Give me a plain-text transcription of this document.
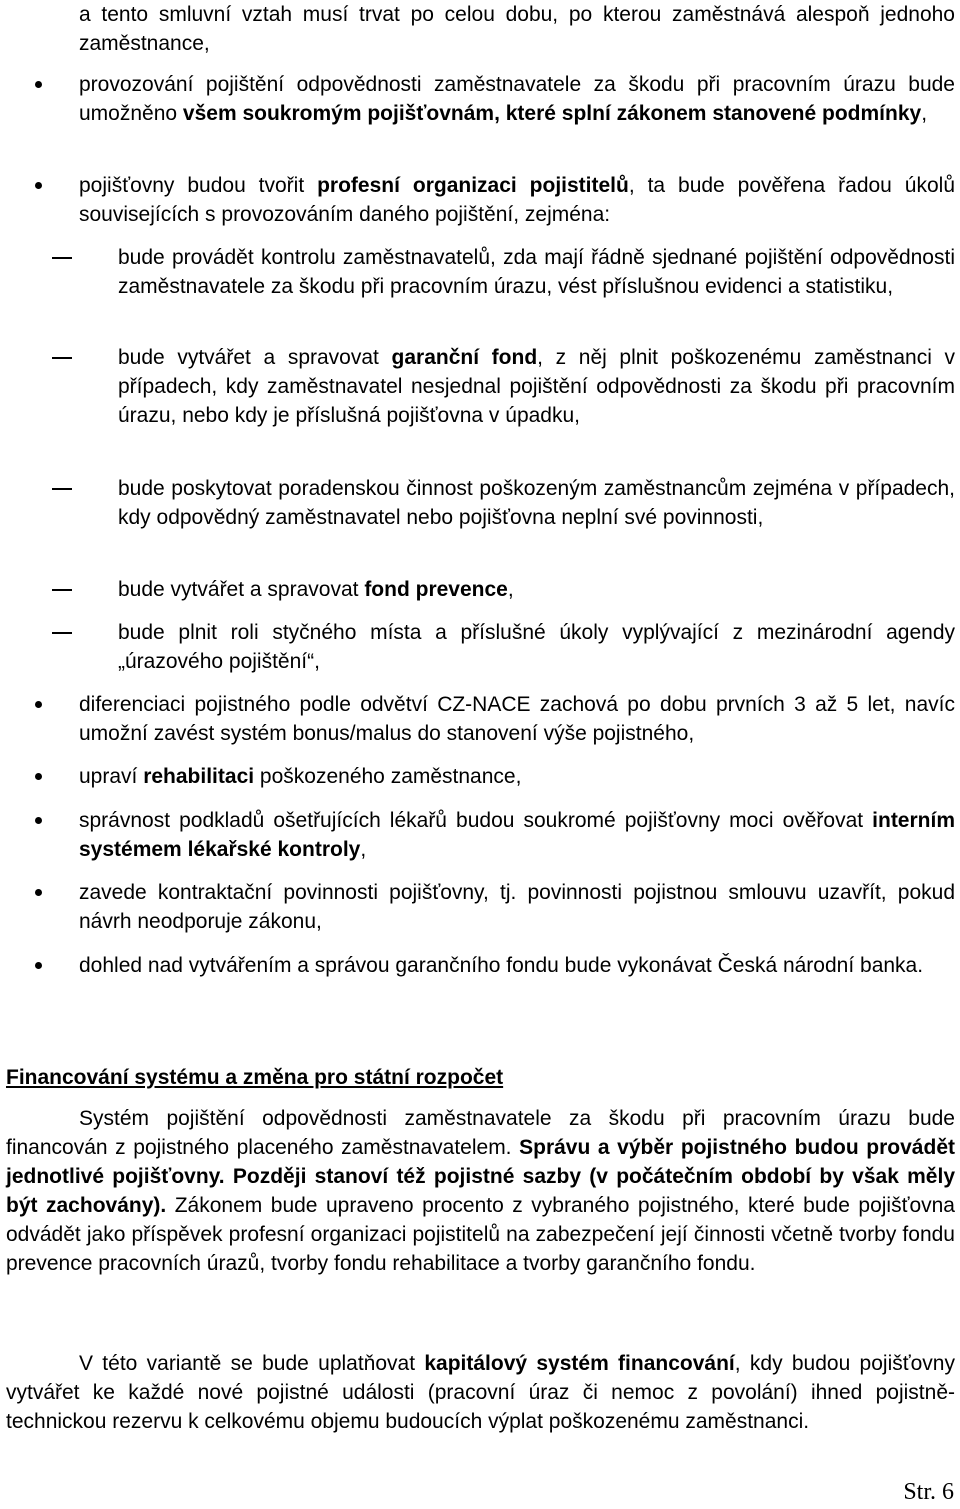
a tento smluvní vztah musí trvat po celou dobu, po kterou zaměstnává alespoň jednoho zaměstnance,
provozování pojištění odpovědnosti zaměstnavatele za škodu při pracovním úrazu bude umožněno všem soukromým pojišťovnám, které splní zákonem stanovené podmínky,
pojišťovny budou tvořit profesní organizaci pojistitelů, ta bude pověřena řadou úkolů souvisejících s provozováním daného pojištění, zejména:
bude provádět kontrolu zaměstnavatelů, zda mají řádně sjednané pojištění odpovědnosti zaměstnavatele za škodu při pracovním úrazu, vést příslušnou evidenci a statistiku,
bude vytvářet a spravovat garanční fond, z něj plnit poškozenému zaměstnanci v případech, kdy zaměstnavatel nesjednal pojištění odpovědnosti za škodu při pracovním úrazu, nebo kdy je příslušná pojišťovna v úpadku,
bude poskytovat poradenskou činnost poškozeným zaměstnancům zejména v případech, kdy odpovědný zaměstnavatel nebo pojišťovna neplní své povinnosti,
bude vytvářet a spravovat fond prevence,
bude plnit roli styčného místa a příslušné úkoly vyplývající z mezinárodní agendy „úrazového pojištění“,
diferenciaci pojistného podle odvětví CZ-NACE zachová po dobu prvních 3 až 5 let, navíc umožní zavést systém bonus/malus do stanovení výše pojistného,
upraví rehabilitaci poškozeného zaměstnance,
správnost podkladů ošetřujících lékařů budou soukromé pojišťovny moci ověřovat interním systémem lékařské kontroly,
zavede kontraktační povinnosti pojišťovny, tj. povinnosti pojistnou smlouvu uzavřít, pokud návrh neodporuje zákonu,
dohled nad vytvářením a správou garančního fondu bude vykonávat Česká národní banka.
Financování systému a změna pro státní rozpočet
Systém pojištění odpovědnosti zaměstnavatele za škodu při pracovním úrazu bude financován z pojistného placeného zaměstnavatelem. Správu a výběr pojistného budou provádět jednotlivé pojišťovny. Později stanoví též pojistné sazby (v počátečním období by však měly být zachovány). Zákonem bude upraveno procento z vybraného pojistného, které bude pojišťovna odvádět jako příspěvek profesní organizaci pojistitelů na zabezpečení její činnosti včetně tvorby fondu prevence pracovních úrazů, tvorby fondu rehabilitace a tvorby garančního fondu.
V této variantě se bude uplatňovat kapitálový systém financování, kdy budou pojišťovny vytvářet ke každé nové pojistné události (pracovní úraz či nemoc z povolání) ihned pojistně-technickou rezervu k celkovému objemu budoucích výplat poškozenému zaměstnanci.
Str. 6
